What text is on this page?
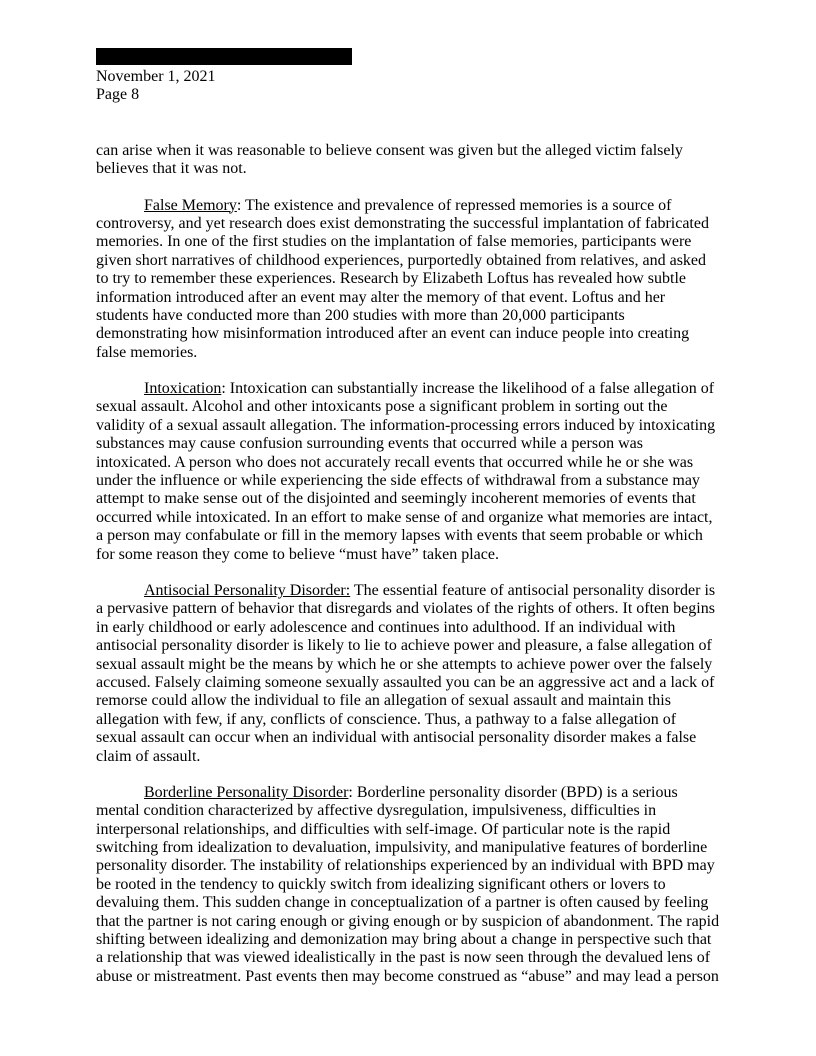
November 1, 2021

Page 8

can arise when it was reasonable to believe consent was given but the alleged victim falsely believes that it was not.

False Memory: The existence and prevalence of repressed memories is a source of controversy, and yet research does exist demonstrating the successful implantation of fabricated memories. In one of the first studies on the implantation of false memories, participants were given short narratives of childhood experiences, purportedly obtained from relatives, and asked to try to remember these experiences. Research by Elizabeth Loftus has revealed how subtle information introduced after an event may alter the memory of that event. Loftus and her students have conducted more than 200 studies with more than 20,000 participants demonstrating how misinformation introduced after an event can induce people into creating false memories.

Intoxication: Intoxication can substantially increase the likelihood of a false allegation of sexual assault. Alcohol and other intoxicants pose a significant problem in sorting out the validity of a sexual assault allegation. The information-processing errors induced by intoxicating substances may cause confusion surrounding events that occurred while a person was intoxicated. A person who does not accurately recall events that occurred while he or she was under the influence or while experiencing the side effects of withdrawal from a substance may attempt to make sense out of the disjointed and seemingly incoherent memories of events that occurred while intoxicated. In an effort to make sense of and organize what memories are intact, a person may confabulate or fill in the memory lapses with events that seem probable or which for some reason they come to believe “must have” taken place.

Antisocial Personality Disorder: The essential feature of antisocial personality disorder is a pervasive pattern of behavior that disregards and violates of the rights of others. It often begins in early childhood or early adolescence and continues into adulthood. If an individual with antisocial personality disorder is likely to lie to achieve power and pleasure, a false allegation of sexual assault might be the means by which he or she attempts to achieve power over the falsely accused. Falsely claiming someone sexually assaulted you can be an aggressive act and a lack of remorse could allow the individual to file an allegation of sexual assault and maintain this allegation with few, if any, conflicts of conscience. Thus, a pathway to a false allegation of sexual assault can occur when an individual with antisocial personality disorder makes a false claim of assault.

Borderline Personality Disorder: Borderline personality disorder (BPD) is a serious mental condition characterized by affective dysregulation, impulsiveness, difficulties in interpersonal relationships, and difficulties with self-image. Of particular note is the rapid switching from idealization to devaluation, impulsivity, and manipulative features of borderline personality disorder. The instability of relationships experienced by an individual with BPD may be rooted in the tendency to quickly switch from idealizing significant others or lovers to devaluing them. This sudden change in conceptualization of a partner is often caused by feeling that the partner is not caring enough or giving enough or by suspicion of abandonment. The rapid shifting between idealizing and demonization may bring about a change in perspective such that a relationship that was viewed idealistically in the past is now seen through the devalued lens of abuse or mistreatment. Past events then may become construed as “abuse” and may lead a person
